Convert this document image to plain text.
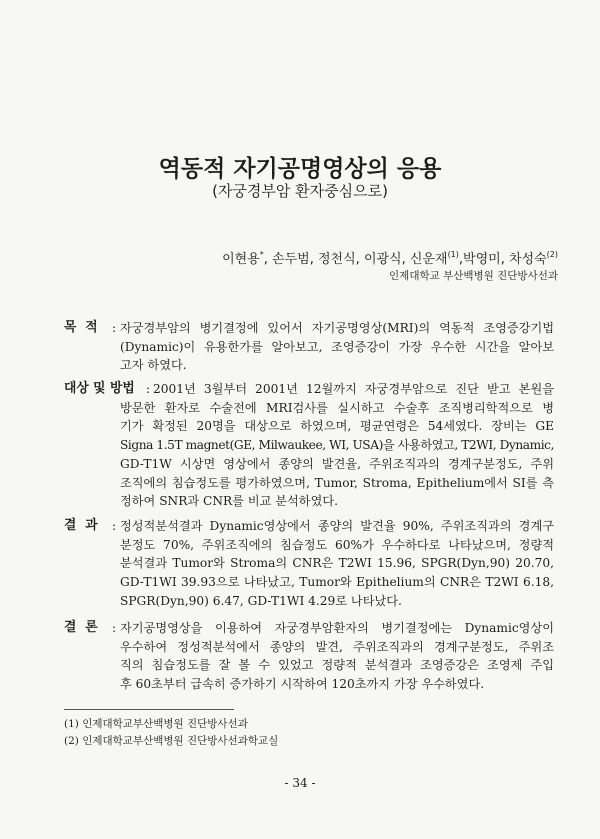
역동적 자기공명영상의 응용
(자궁경부암 환자중심으로)
이현용*, 손두범, 정천식, 이광식, 신운재$^{(1)}$,박영미, 차성숙$^{(2)}$
인제대학교 부산백병원 진단방사선과
목  적 : 자궁경부암의 병기결정에 있어서 자기공명영상(MRI)의 역동적 조영증강기법
(Dynamic)이 유용한가를 알아보고, 조영증강이 가장 우수한 시간을 알아보
고자 하였다.
대상 및 방법 : 2001년 3월부터 2001년 12월까지 자궁경부암으로 진단 받고 본원을
방문한 환자로 수술전에 MRI검사를 실시하고 수술후 조직병리학적으로 병
기가 확정된 20명을 대상으로 하였으며, 평균연령은 54세였다. 장비는 GE
Signa 1.5T magnet(GE, Milwaukee, WI, USA)을 사용하였고, T2WI, Dynamic,
GD-T1W 시상면 영상에서 종양의 발견율, 주위조직과의 경계구분정도, 주위
조직에의 침습정도를 평가하였으며, Tumor, Stroma, Epithelium에서 SI를 측
정하여 SNR과 CNR를 비교 분석하였다.
결  과 : 정성적분석결과 Dynamic영상에서 종양의 발견율 90%, 주위조직과의 경계구
분정도 70%, 주위조직에의 침습정도 60%가 우수하다로 나타났으며, 정량적
분석결과 Tumor와 Stroma의 CNR은 T2WI 15.96, SPGR(Dyn,90) 20.70,
GD-T1WI 39.93으로 나타났고, Tumor와 Epithelium의 CNR은 T2WI 6.18,
SPGR(Dyn,90) 6.47, GD-T1WI 4.29로 나타났다.
결  론 : 자기공명영상을 이용하여 자궁경부암환자의 병기결정에는 Dynamic영상이
우수하여 정성적분석에서 종양의 발견, 주위조직과의 경계구분정도, 주위조
직의 침습정도를 잘 볼 수 있었고 정량적 분석결과 조영증강은 조영제 주입
후 60초부터 급속히 증가하기 시작하여 120초까지 가장 우수하였다.
(1) 인제대학교부산백병원 진단방사선과
(2) 인제대학교부산백병원 진단방사선과학교실
- 34 -
